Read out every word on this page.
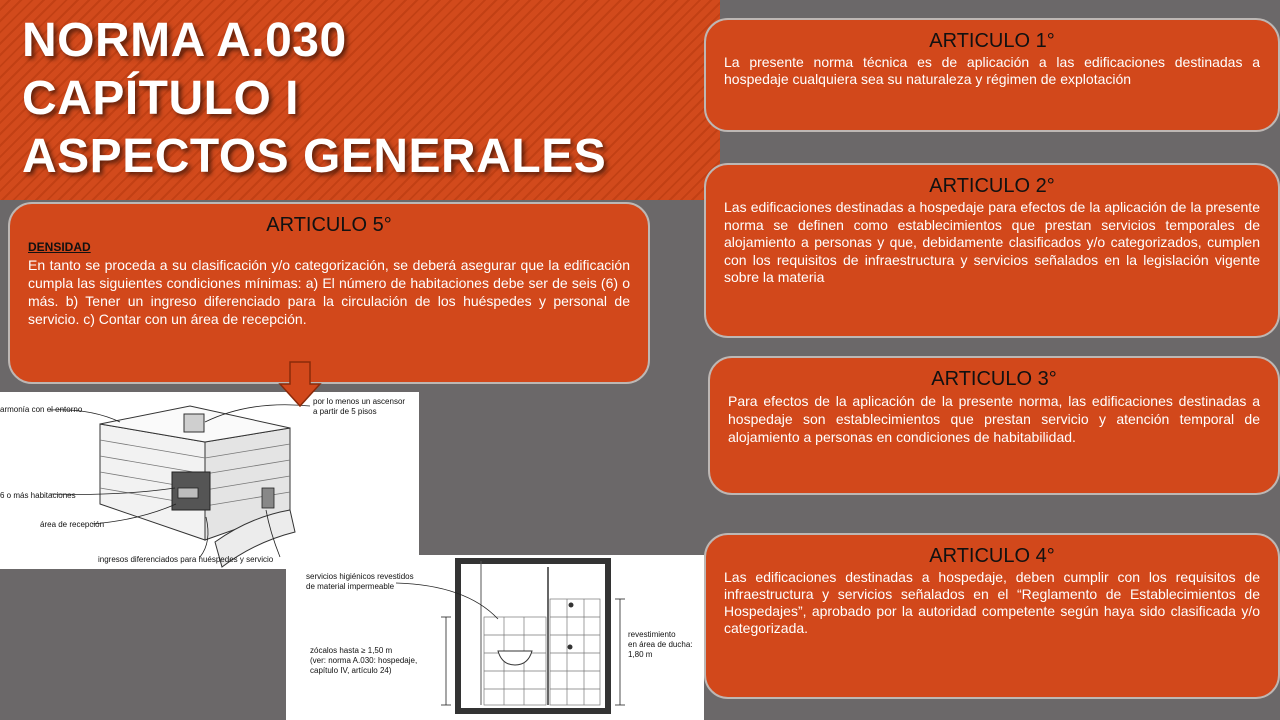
NORMA A.030
CAPÍTULO I
ASPECTOS GENERALES
ARTICULO 1°

La presente norma técnica es de aplicación a las edificaciones destinadas a hospedaje cualquiera sea su naturaleza y régimen de explotación

ARTICULO 2°

Las edificaciones destinadas a hospedaje para efectos de la aplicación de la presente norma se definen como establecimientos que prestan servicios temporales de alojamiento a personas y que, debidamente clasificados y/o categorizados, cumplen con los requisitos de infraestructura y servicios señalados en la legislación vigente sobre la materia

ARTICULO 3°

Para efectos de la aplicación de la presente norma, las edificaciones destinadas a hospedaje son establecimientos que prestan servicio y atención temporal de alojamiento a personas en condiciones de habitabilidad.

ARTICULO 4°

Las edificaciones destinadas a hospedaje, deben cumplir con los requisitos de infraestructura y servicios señalados en el “Reglamento de Establecimientos de Hospedajes”, aprobado por la autoridad competente según haya sido clasificada y/o categorizada.

ARTICULO 5°
DENSIDAD

En tanto se proceda a su clasificación y/o categorización, se deberá asegurar que la edificación cumpla las siguientes condiciones mínimas: a) El número de habitaciones debe ser de seis (6) o más. b) Tener un ingreso diferenciado para la circulación de los huéspedes y personal de servicio. c) Contar con un área de recepción.

armonía con el entorno
por lo menos un ascensor
a partir de 5 pisos
6 o más habitaciones
área de recepción
ingresos diferenciados para huéspedes y servicio
servicios higiénicos revestidos
de material impermeable
zócalos hasta ≥ 1,50 m
(ver: norma A.030: hospedaje,
capítulo IV, artículo 24)
revestimiento
en área de ducha:
1,80 m
